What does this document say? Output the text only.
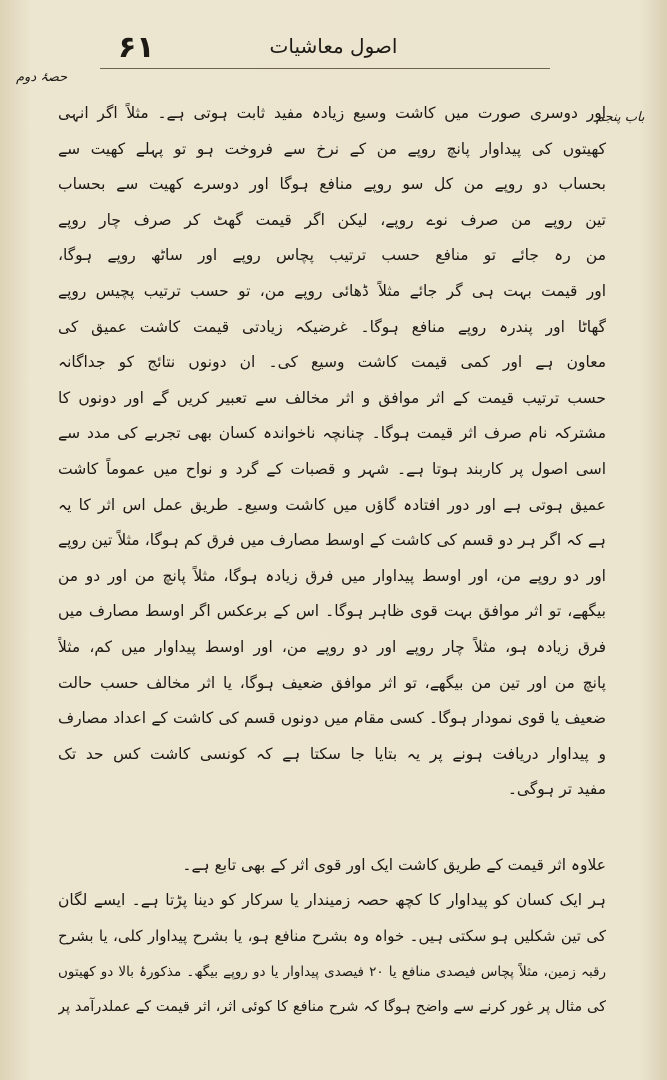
۶۱	اصول معاشیات
حصۂ دوم
باب پنجم
اور دوسری صورت میں کاشت وسیع زیادہ مفید ثابت ہوتی ہے۔ مثلاً اگر انہی
کھیتوں کی پیداوار پانچ روپے من کے نرخ سے فروخت ہو تو پہلے کھیت سے
بحساب دو روپے من کل سو روپے منافع ہوگا اور دوسرے کھیت سے بحساب
تین روپے من صرف نوے روپے، لیکن اگر قیمت گھٹ کر صرف چار روپے
من رہ جائے تو منافع حسب ترتیب پچاس روپے اور ساٹھ روپے ہوگا،
اور قیمت بہت ہی گر جائے مثلاً ڈھائی روپے من، تو حسب ترتیب پچیس روپے
گھاٹا اور پندرہ روپے منافع ہوگا۔ غرضیکہ زیادتی قیمت کاشت عمیق کی
معاون ہے اور کمی قیمت کاشت وسیع کی۔ ان دونوں نتائج کو جداگانہ
حسب ترتیب قیمت کے اثر موافق و اثر مخالف سے تعبیر کریں گے اور دونوں کا
مشترکہ نام صرف اثر قیمت ہوگا۔ چنانچہ ناخواندہ کسان بھی تجربے کی مدد سے
اسی اصول پر کاربند ہوتا ہے۔ شہر و قصبات کے گرد و نواح میں عموماً کاشت
عمیق ہوتی ہے اور دور افتادہ گاؤں میں کاشت وسیع۔ طریق عمل اس اثر کا یہ
ہے کہ اگر ہر دو قسم کی کاشت کے اوسط مصارف میں فرق کم ہوگا، مثلاً تین روپے
اور دو روپے من، اور اوسط پیداوار میں فرق زیادہ ہوگا، مثلاً پانچ من اور دو من
بیگھے، تو اثر موافق بہت قوی ظاہر ہوگا۔ اس کے برعکس اگر اوسط مصارف میں
فرق زیادہ ہو، مثلاً چار روپے اور دو روپے من، اور اوسط پیداوار میں کم، مثلاً
پانچ من اور تین من بیگھے، تو اثر موافق ضعیف ہوگا، یا اثر مخالف حسب حالت
ضعیف یا قوی نمودار ہوگا۔ کسی مقام میں دونوں قسم کی کاشت کے اعداد مصارف
و پیداوار دریافت ہونے پر یہ بتایا جا سکتا ہے کہ کونسی کاشت کس حد تک
مفید تر ہوگی۔
علاوہ اثر قیمت کے طریق کاشت ایک اور قوی اثر کے بھی تابع ہے۔
ہر ایک کسان کو پیداوار کا کچھ حصہ زمیندار یا سرکار کو دینا پڑتا ہے۔ ایسے لگان
کی تین شکلیں ہو سکتی ہیں۔ خواہ وہ بشرح منافع ہو، یا بشرح پیداوار کلی، یا بشرح
رقبہ زمین، مثلاً پچاس فیصدی منافع یا ۲۰ فیصدی پیداوار یا دو روپے بیگھ۔ مذکورۂ بالا دو کھیتوں
کی مثال پر غور کرنے سے واضح ہوگا کہ شرح منافع کا کوئی اثر، اثر قیمت کے عملدرآمد پر
